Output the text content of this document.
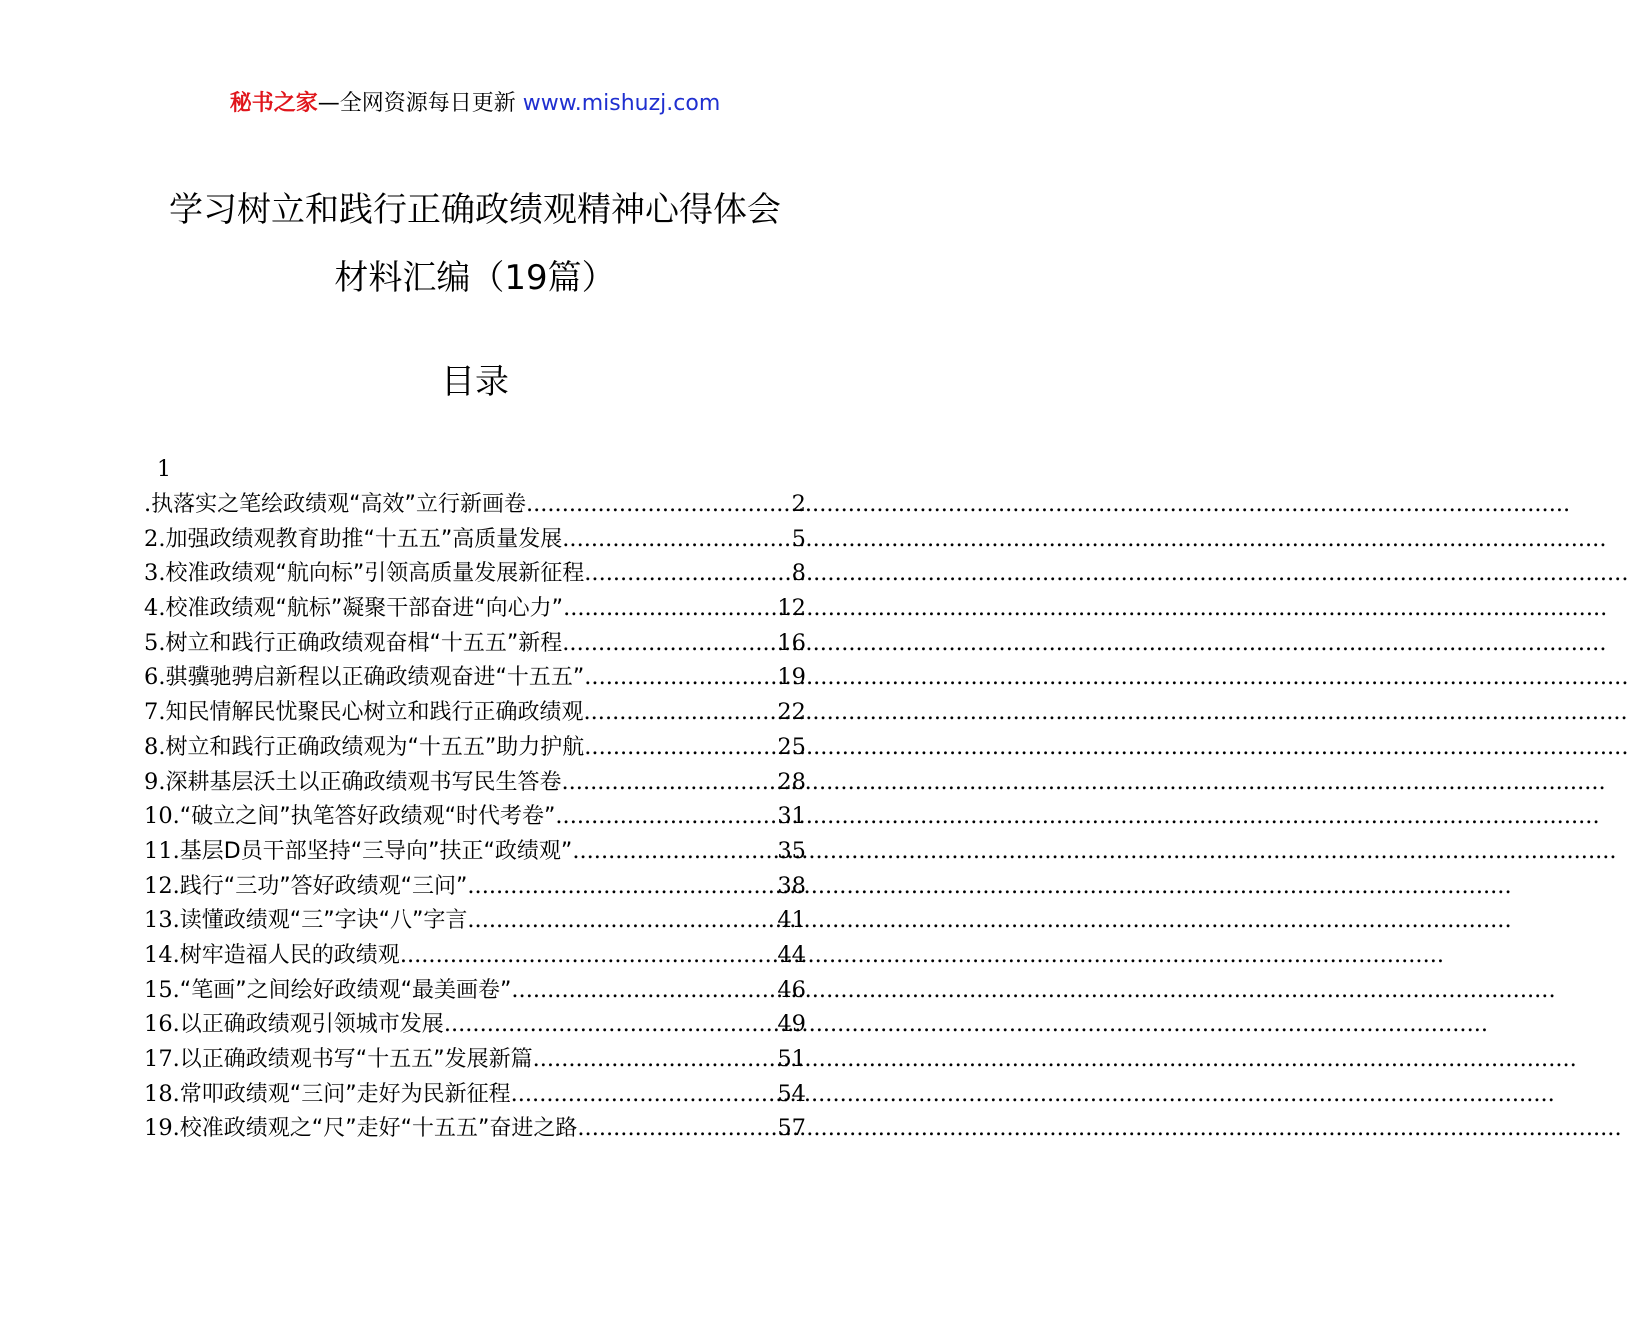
秘书之家—全网资源每日更新 www.mishuzj.com
学习树立和践行正确政绩观精神心得体会
材料汇编（19篇）
目录
1
. 执落实之笔绘政绩观“高效”立行新画卷 .....	2
2. 加强政绩观教育助推“十五五”高质量发展 .....	5
3. 校准政绩观“航向标”引领高质量发展新征程 .....	8
4. 校准政绩观“航标”凝聚干部奋进“向心力” .....	12
5. 树立和践行正确政绩观奋楫“十五五”新程 .....	16
6. 骐骥驰骋启新程以正确政绩观奋进“十五五” .....	19
7. 知民情解民忧聚民心树立和践行正确政绩观 .....	22
8. 树立和践行正确政绩观为“十五五”助力护航 .....	25
9. 深耕基层沃土以正确政绩观书写民生答卷 .....	28
10. “破立之间”执笔答好政绩观“时代考卷” .....	31
11. 基层D员干部坚持“三导向”扶正“政绩观” .....	35
12. 践行“三功”答好政绩观“三问” .....	38
13. 读懂政绩观“三”字诀“八”字言 .....	41
14. 树牢造福人民的政绩观 .....	44
15. “笔画”之间绘好政绩观“最美画卷” .....	46
16. 以正确政绩观引领城市发展 .....	49
17. 以正确政绩观书写“十五五”发展新篇 .....	51
18. 常叩政绩观“三问”走好为民新征程 .....	54
19. 校准政绩观之“尺”走好“十五五”奋进之路 .....	57
